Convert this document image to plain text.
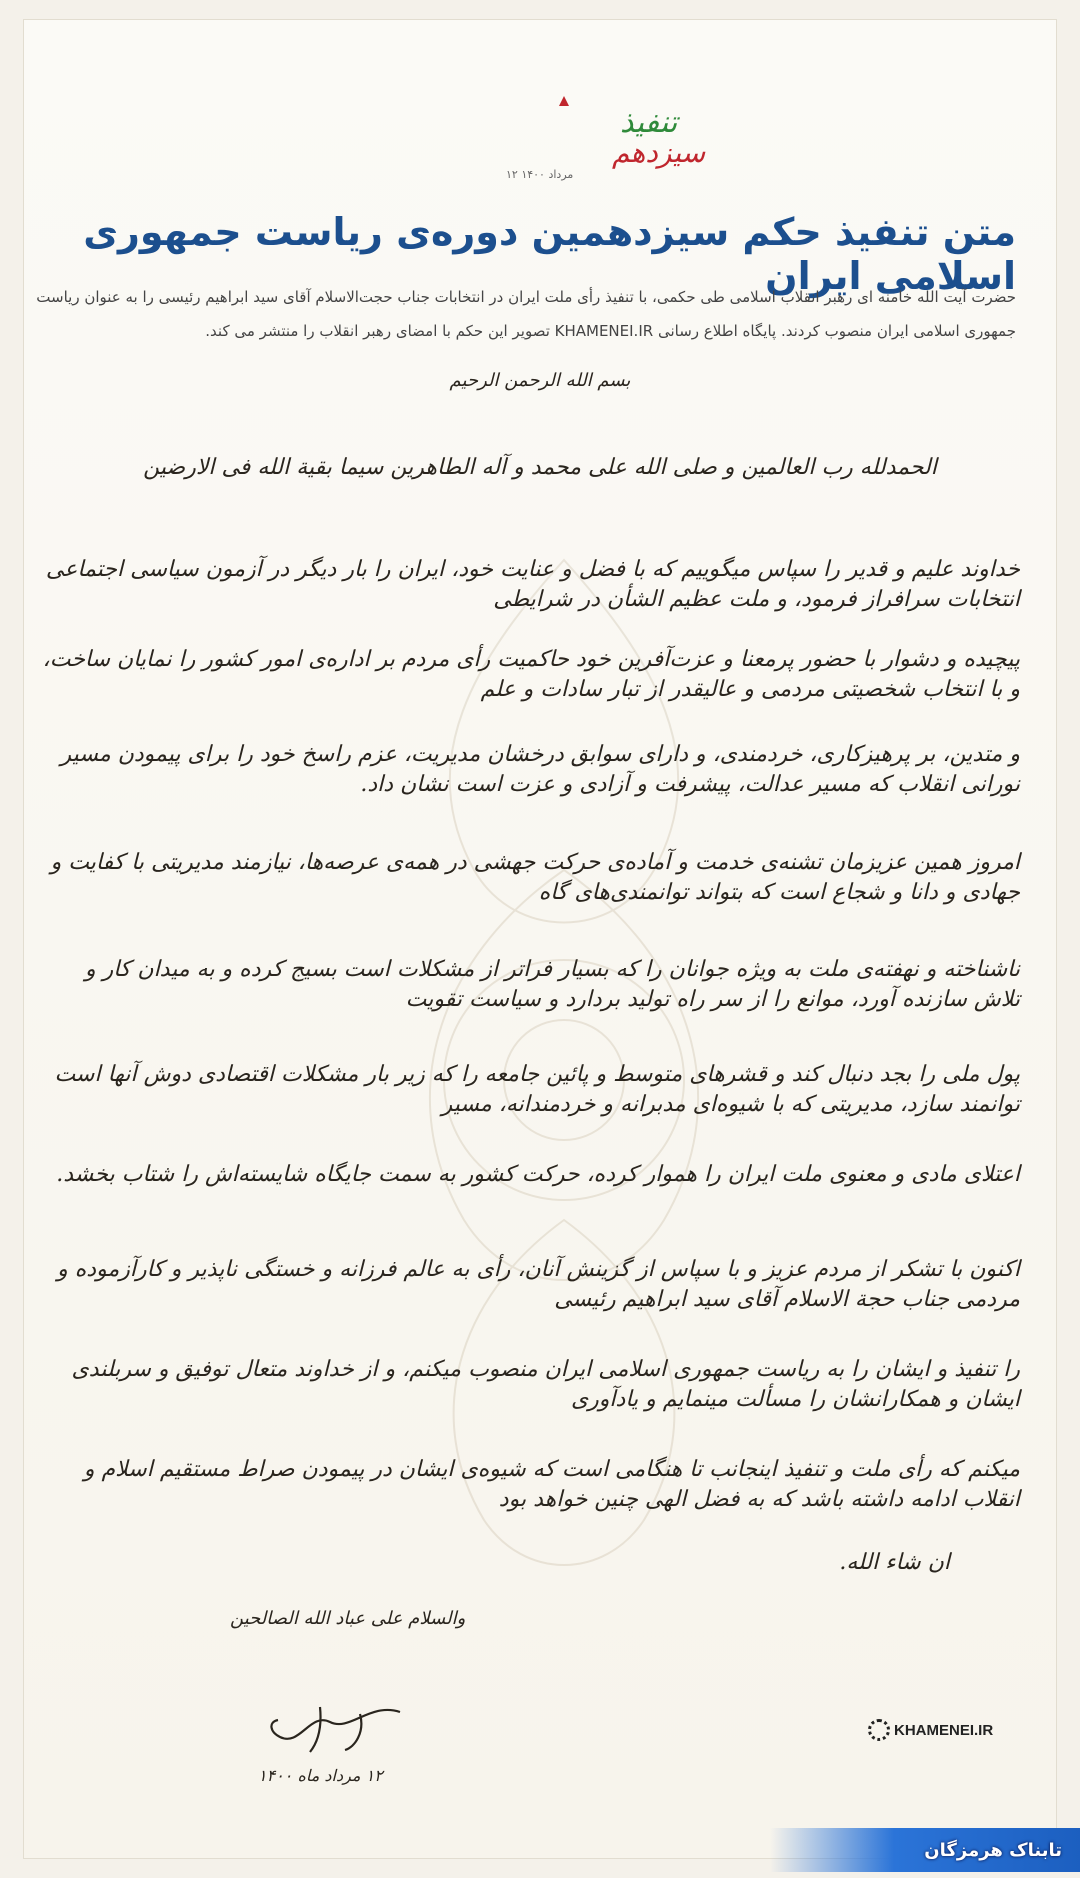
تنفیذ
سیزدهم
۱۲ مرداد ۱۴۰۰
متن تنفیذ حکم سیزدهمین دوره‌ی ریاست جمهوری اسلامی ایران
حضرت آیت الله خامنه ای رهبر انقلاب اسلامی طی حکمی، با تنفیذ رأی ملت ایران در انتخابات جناب حجت‌الاسلام آقای سید ابراهیم رئیسی را به عنوان رياست جمهوری اسلامی ایران منصوب کردند. پایگاه اطلاع رسانی KHAMENEI.IR تصویر این حکم با امضای رهبر انقلاب را منتشر می کند.
بسم الله الرحمن الرحیم
الحمدلله رب العالمین و صلی الله علی محمد و آله الطاهرین سیما بقیة الله فی الارضین
خداوند علیم و قدیر را سپاس میگوییم که با فضل و عنایت خود، ایران را بار دیگر در آزمون سیاسی اجتماعی انتخابات سرافراز فرمود، و ملت عظیم الشأن در شرایطی
پیچیده و دشوار با حضور پرمعنا و عزت‌آفرین خود حاکمیت رأی مردم بر اداره‌ی امور کشور را نمایان ساخت، و با انتخاب شخصیتی مردمی و عالیقدر از تبار سادات و علم
و متدین، بر پرهیزکاری، خردمندی، و دارای سوابق درخشان مدیریت، عزم راسخ خود را برای پیمودن مسیر نورانی انقلاب که مسیر عدالت، پیشرفت و آزادی و عزت است نشان داد.
امروز همین عزیزمان تشنه‌ی خدمت و آماده‌ی حرکت جهشی در همه‌ی عرصه‌ها، نیازمند مدیریتی با کفایت و جهادی و دانا و شجاع است که بتواند توانمندی‌های گاه
ناشناخته و نهفته‌ی ملت به ویژه جوانان را که بسیار فراتر از مشکلات است بسیج کرده و به میدان کار و تلاش سازنده آورد، موانع را از سر راه تولید بردارد و سیاست تقویت
پول ملی را بجد دنبال کند و قشرهای متوسط و پائین جامعه را که زیر بار مشکلات اقتصادی دوش آنها است توانمند سازد، مدیریتی که با شیوه‌ای مدبرانه و خردمندانه، مسیر
اعتلای مادی و معنوی ملت ایران را هموار کرده، حرکت کشور به سمت جایگاه شایسته‌اش را شتاب بخشد.
اکنون با تشکر از مردم عزیز و با سپاس از گزینش آنان، رأی به عالم فرزانه و خستگی ناپذیر و کارآزموده و مردمی جناب حجة الاسلام آقای سید ابراهیم رئیسی
را تنفیذ و ایشان را به ریاست جمهوری اسلامی ایران منصوب میکنم، و از خداوند متعال توفیق و سربلندی ایشان و همکارانشان را مسألت مینمایم و یادآوری
میکنم که رأی ملت و تنفیذ اینجانب تا هنگامی است که شیوه‌ی ایشان در پیمودن صراط مستقیم اسلام و انقلاب ادامه داشته باشد که به فضل الهی چنین خواهد بود
ان شاء الله.
والسلام علی عباد الله الصالحین
۱۲ مرداد ماه ۱۴۰۰
KHAMENEI.IR
تابناک هرمزگان
